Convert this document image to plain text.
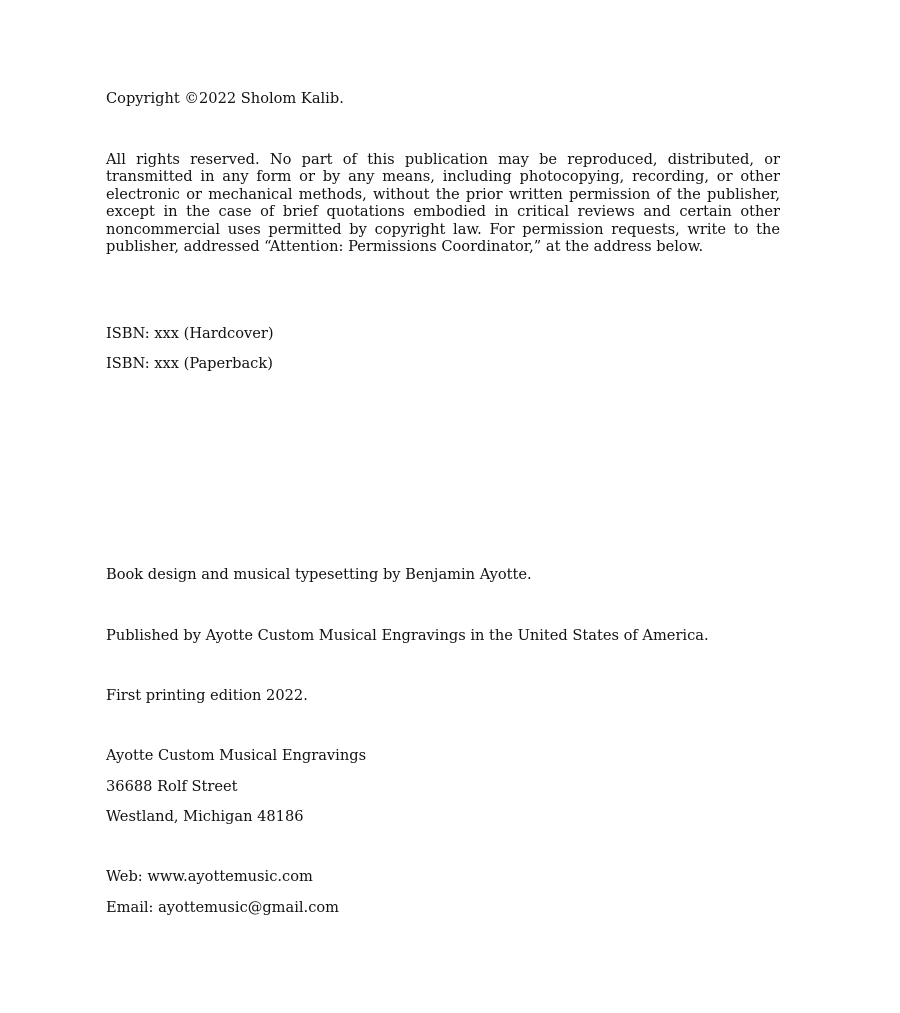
Copyright ©2022 Sholom Kalib.

All rights reserved. No part of this publication may be reproduced, distributed, or transmitted in any form or by any means, including photocopying, recording, or other electronic or mechanical methods, without the prior written permission of the publisher, except in the case of brief quotations embodied in critical reviews and certain other noncommercial uses permitted by copyright law. For permission requests, write to the publisher, addressed “Attention: Permissions Coordinator,” at the address below.

ISBN: xxx (Hardcover)

ISBN: xxx (Paperback)

Book design and musical typesetting by Benjamin Ayotte.

Published by Ayotte Custom Musical Engravings in the United States of America.

First printing edition 2022.

Ayotte Custom Musical Engravings

36688 Rolf Street

Westland, Michigan 48186

Web: www.ayottemusic.com

Email: ayottemusic@gmail.com
